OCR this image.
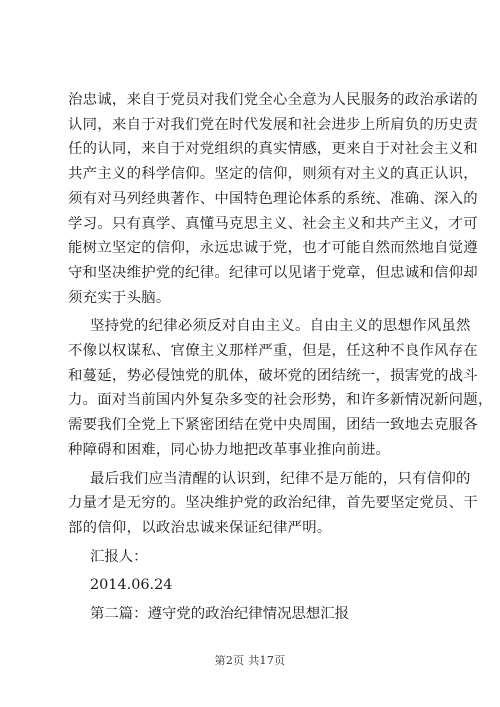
治忠诚，来自于党员对我们党全心全意为人民服务的政治承诺的
认同，来自于对我们党在时代发展和社会进步上所肩负的历史责
任的认同，来自于对党组织的真实情感，更来自于对社会主义和
共产主义的科学信仰。坚定的信仰，则须有对主义的真正认识，
须有对马列经典著作、中国特色理论体系的系统、准确、深入的
学习。只有真学、真懂马克思主义、社会主义和共产主义，才可
能树立坚定的信仰，永远忠诚于党，也才可能自然而然地自觉遵
守和坚决维护党的纪律。纪律可以见诸于党章，但忠诚和信仰却
须充实于头脑。

坚持党的纪律必须反对自由主义。自由主义的思想作风虽然
不像以权谋私、官僚主义那样严重，但是，任这种不良作风存在
和蔓延，势必侵蚀党的肌体，破坏党的团结统一，损害党的战斗
力。面对当前国内外复杂多变的社会形势，和许多新情况新问题，
需要我们全党上下紧密团结在党中央周围，团结一致地去克服各
种障碍和困难，同心协力地把改革事业推向前进。

最后我们应当清醒的认识到，纪律不是万能的，只有信仰的
力量才是无穷的。坚决维护党的政治纪律，首先要坚定党员、干
部的信仰，以政治忠诚来保证纪律严明。

汇报人：

2014.06.24

第二篇：遵守党的政治纪律情况思想汇报

第2页 共17页
